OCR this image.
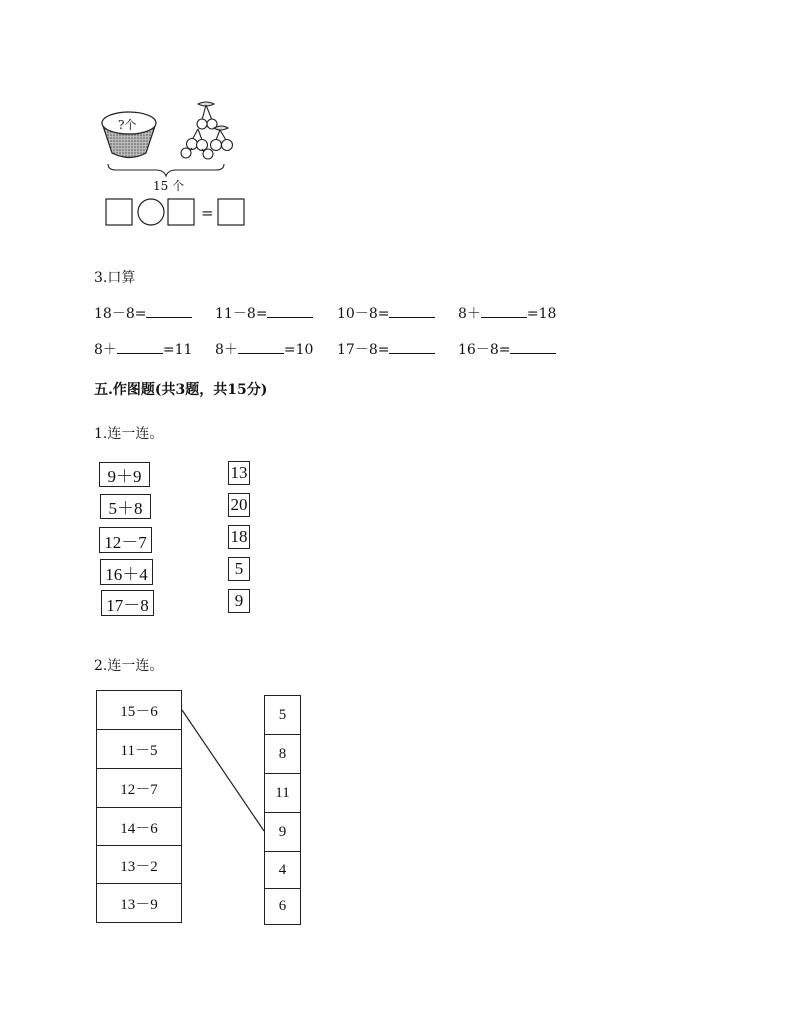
?个
15 个
=
3.口算
18－8=	11－8=	10－8=	8＋	=18
8＋	=11 8＋	=10 17－8=	16－8=
五.作图题(共3题，共15分)
1.连一连。
9＋9
5＋8
12－7
16＋4
17－8
13
20
18
5
9
2.连一连。
15－6
11－5
12－7
14－6
13－2
13－9
5
8
11
9
4
6
